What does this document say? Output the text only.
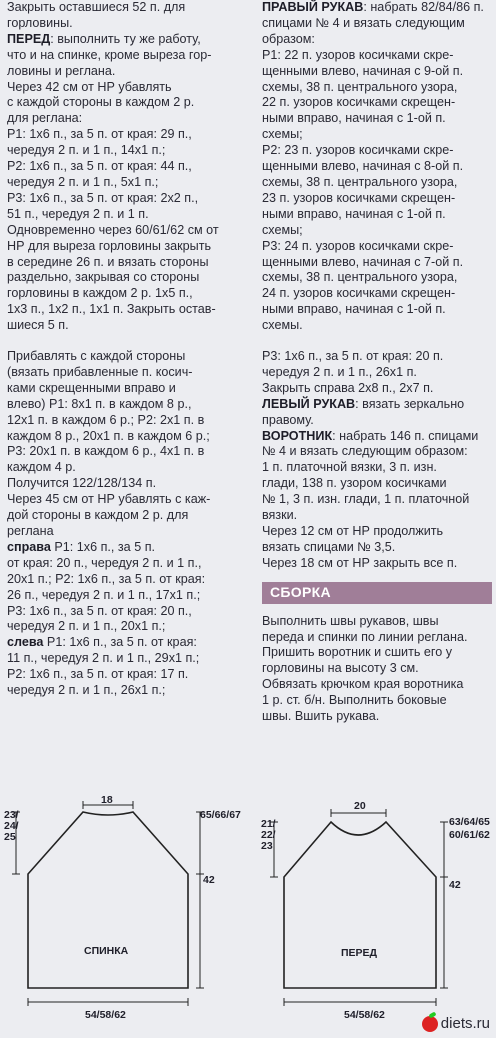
Закрыть оставшиеся 52 п. для
горловины.
ПЕРЕД: выполнить ту же работу,
что и на спинке, кроме выреза гор-
ловины и реглана.
Через 42 см от НР убавлять
с каждой стороны в каждом 2 р.
для реглана:
Р1: 1х6 п., за 5 п. от края: 29 п.,
чередуя 2 п. и 1 п., 14х1 п.;
Р2: 1х6 п., за 5 п. от края: 44 п.,
чередуя 2 п. и 1 п., 5х1 п.;
Р3: 1х6 п., за 5 п. от края: 2х2 п.,
51 п., чередуя 2 п. и 1 п.
Одновременно через 60/61/62 см от
НР для выреза горловины закрыть
в середине 26 п. и вязать стороны
раздельно, закрывая со стороны
горловины в каждом 2 р. 1х5 п.,
1х3 п., 1х2 п., 1х1 п. Закрыть остав-
шиеся 5 п.
Прибавлять с каждой стороны
(вязать прибавленные п. косич-
ками скрещенными вправо и
влево) Р1: 8х1 п. в каждом 8 р.,
12х1 п. в каждом 6 р.; Р2: 2х1 п. в
каждом 8 р., 20х1 п. в каждом 6 р.;
Р3: 20х1 п. в каждом 6 р., 4х1 п. в
каждом 4 р.
Получится 122/128/134 п.
Через 45 см от НР убавлять с каж-
дой стороны в каждом 2 р. для
реглана
справа Р1: 1х6 п., за 5 п.
от края: 20 п., чередуя 2 п. и 1 п.,
20х1 п.; Р2: 1х6 п., за 5 п. от края:
26 п., чередуя 2 п. и 1 п., 17х1 п.;
Р3: 1х6 п., за 5 п. от края: 20 п.,
чередуя 2 п. и 1 п., 20х1 п.;
слева Р1: 1х6 п., за 5 п. от края:
11 п., чередуя 2 п. и 1 п., 29х1 п.;
Р2: 1х6 п., за 5 п. от края: 17 п.
чередуя 2 п. и 1 п., 26х1 п.;
ПРАВЫЙ РУКАВ: набрать 82/84/86 п.
спицами № 4 и вязать следующим
образом:
Р1: 22 п. узоров косичками скре-
щенными влево, начиная с 9-ой п.
схемы, 38 п. центрального узора,
22 п. узоров косичками скрещен-
ными вправо, начиная с 1-ой п.
схемы;
Р2: 23 п. узоров косичками скре-
щенными влево, начиная с 8-ой п.
схемы, 38 п. центрального узора,
23 п. узоров косичками скрещен-
ными вправо, начиная с 1-ой п.
схемы;
Р3: 24 п. узоров косичками скре-
щенными влево, начиная с 7-ой п.
схемы, 38 п. центрального узора,
24 п. узоров косичками скрещен-
ными вправо, начиная с 1-ой п.
схемы.
Р3: 1х6 п., за 5 п. от края: 20 п.
чередуя 2 п. и 1 п., 26х1 п.
Закрыть справа 2х8 п., 2х7 п.
ЛЕВЫЙ РУКАВ: вязать зеркально
правому.
ВОРОТНИК: набрать 146 п. спицами
№ 4 и вязать следующим образом:
1 п. платочной вязки, 3 п. изн.
глади, 138 п. узором косичками
№ 1, 3 п. изн. глади, 1 п. платочной
вязки.
Через 12 см от НР продолжить
вязать спицами № 3,5.
Через 18 см от НР закрыть все п.
СБОРКА
Выполнить швы рукавов, швы
переда и спинки по линии реглана.
Пришить воротник и сшить его у
горловины на высоту 3 см.
Обвязать крючком края воротника
1 р. ст. б/н. Выполнить боковые
швы. Вшить рукава.
18
23/
24/
25
65/66/67
42
СПИНКА
54/58/62
20
21/
22/
23
63/64/65
60/61/62
42
ПЕРЕД
54/58/62	diets.ru
